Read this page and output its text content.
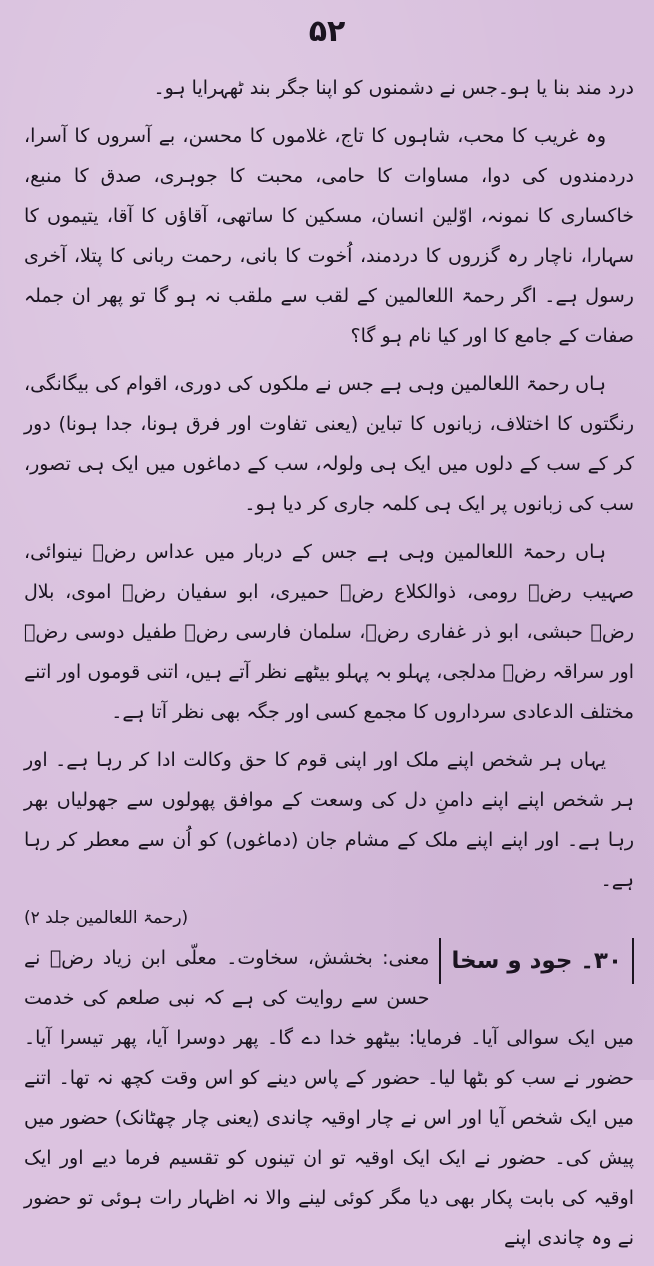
۵۲

درد مند بنا یا ہو۔جس نے دشمنوں کو اپنا جگر بند ٹھہرایا ہو۔

وہ غریب کا محب، شاہوں کا تاج، غلاموں کا محسن، بے آسروں کا آسرا، دردمندوں کی دوا، مساوات کا حامی، محبت کا جوہری، صدق کا منبع، خاکساری کا نمونہ، اوّلین انسان، مسکین کا ساتھی، آقاؤں کا آقا، یتیموں کا سہارا، ناچار رہ گزروں کا دردمند، اُخوت کا بانی، رحمت ربانی کا پتلا، آخری رسول ہے۔ اگر رحمۃ اللعالمین کے لقب سے ملقب نہ ہو گا تو پھر ان جملہ صفات کے جامع کا اور کیا نام ہو گا؟

ہاں رحمۃ اللعالمین وہی ہے جس نے ملکوں کی دوری، اقوام کی بیگانگی، رنگتوں کا اختلاف، زبانوں کا تباین (یعنی تفاوت اور فرق ہونا، جدا ہونا) دور کر کے سب کے دلوں میں ایک ہی ولولہ، سب کے دماغوں میں ایک ہی تصور، سب کی زبانوں پر ایک ہی کلمہ جاری کر دیا ہو۔

ہاں رحمۃ اللعالمین وہی ہے جس کے دربار میں عداس رضؓ نینوائی، صہیب رضؓ رومی، ذوالکلاع رضؓ حمیری، ابو سفیان رضؓ اموی، بلال رضؓ حبشی، ابو ذر غفاری رضؓ، سلمان فارسی رضؓ طفیل دوسی رضؓ اور سراقہ رضؓ مدلجی، پہلو بہ پہلو بیٹھے نظر آتے ہیں، اتنی قوموں اور اتنے مختلف الدعادی سرداروں کا مجمع کسی اور جگہ بھی نظر آتا ہے۔

یہاں ہر شخص اپنے ملک اور اپنی قوم کا حق وکالت ادا کر رہا ہے۔ اور ہر شخص اپنے اپنے دامنِ دل کی وسعت کے موافق پھولوں سے جھولیاں بھر رہا ہے۔ اور اپنے اپنے ملک کے مشام جان (دماغوں) کو اُن سے معطر کر رہا ہے۔

(رحمۃ اللعالمین جلد ۲)
۳۰۔ جود و سخا

معنی: بخشش، سخاوت۔ معلّی ابن زیاد رضؓ نے حسن سے روایت کی ہے کہ نبی صلعم کی خدمت میں ایک سوالی آیا۔ فرمایا: بیٹھو خدا دے گا۔ پھر دوسرا آیا، پھر تیسرا آیا۔ حضور نے سب کو بٹھا لیا۔ حضور کے پاس دینے کو اس وقت کچھ نہ تھا۔ اتنے میں ایک شخص آیا اور اس نے چار اوقیہ چاندی (یعنی چار چھٹانک) حضور میں پیش کی۔ حضور نے ایک ایک اوقیہ تو ان تینوں کو تقسیم فرما دیے اور ایک اوقیہ کی بابت پکار بھی دیا مگر کوئی لینے والا نہ اظہار رات ہوئی تو حضور نے وہ چاندی اپنے
